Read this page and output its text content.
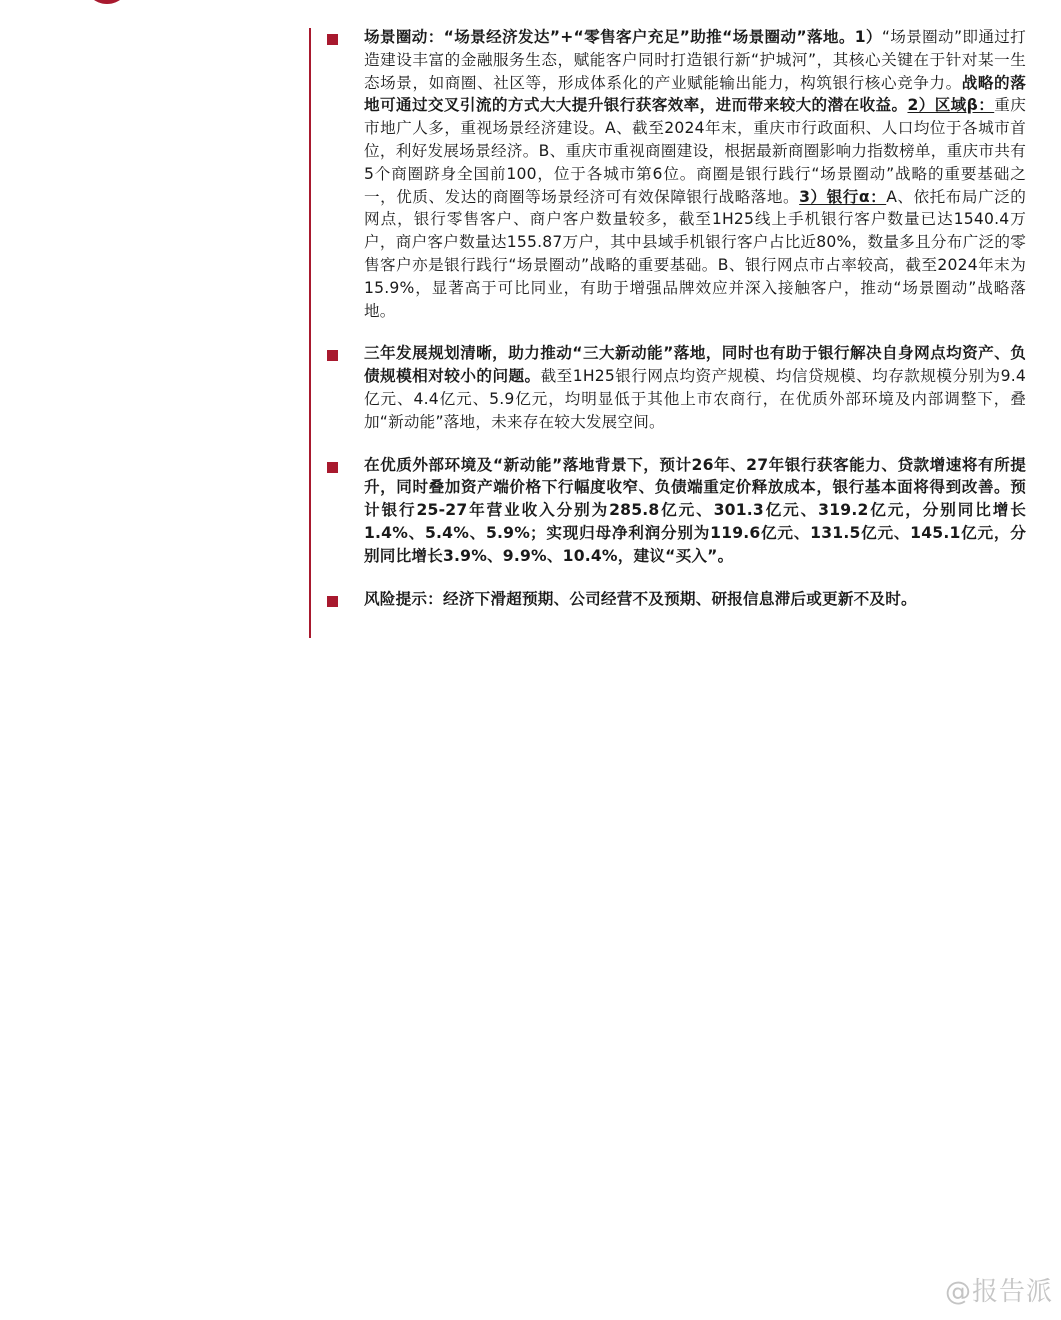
场景圈动：“场景经济发达”+“零售客户充足”助推“场景圈动”落地。1）“场景圈动”即通过打造建设丰富的金融服务生态，赋能客户同时打造银行新“护城河”，其核心关键在于针对某一生态场景，如商圈、社区等，形成体系化的产业赋能输出能力，构筑银行核心竞争力。战略的落地可通过交叉引流的方式大大提升银行获客效率，进而带来较大的潜在收益。2）区域β：重庆市地广人多，重视场景经济建设。A、截至2024年末，重庆市行政面积、人口均位于各城市首位，利好发展场景经济。B、重庆市重视商圈建设，根据最新商圈影响力指数榜单，重庆市共有5个商圈跻身全国前100，位于各城市第6位。商圈是银行践行“场景圈动”战略的重要基础之一，优质、发达的商圈等场景经济可有效保障银行战略落地。3）银行α：A、依托布局广泛的网点，银行零售客户、商户客户数量较多，截至1H25线上手机银行客户数量已达1540.4万户，商户客户数量达155.87万户，其中县域手机银行客户占比近80%，数量多且分布广泛的零售客户亦是银行践行“场景圈动”战略的重要基础。B、银行网点市占率较高，截至2024年末为15.9%，显著高于可比同业，有助于增强品牌效应并深入接触客户，推动“场景圈动”战略落地。

三年发展规划清晰，助力推动“三大新动能”落地，同时也有助于银行解决自身网点均资产、负债规模相对较小的问题。截至1H25银行网点均资产规模、均信贷规模、均存款规模分别为9.4亿元、4.4亿元、5.9亿元，均明显低于其他上市农商行，在优质外部环境及内部调整下，叠加“新动能”落地，未来存在较大发展空间。

在优质外部环境及“新动能”落地背景下，预计26年、27年银行获客能力、贷款增速将有所提升，同时叠加资产端价格下行幅度收窄、负债端重定价释放成本，银行基本面将得到改善。预计银行25-27年营业收入分别为285.8亿元、301.3亿元、319.2亿元，分别同比增长1.4%、5.4%、5.9%；实现归母净利润分别为119.6亿元、131.5亿元、145.1亿元，分别同比增长3.9%、9.9%、10.4%，建议“买入”。

风险提示：经济下滑超预期、公司经营不及预期、研报信息滞后或更新不及时。

@报告派
